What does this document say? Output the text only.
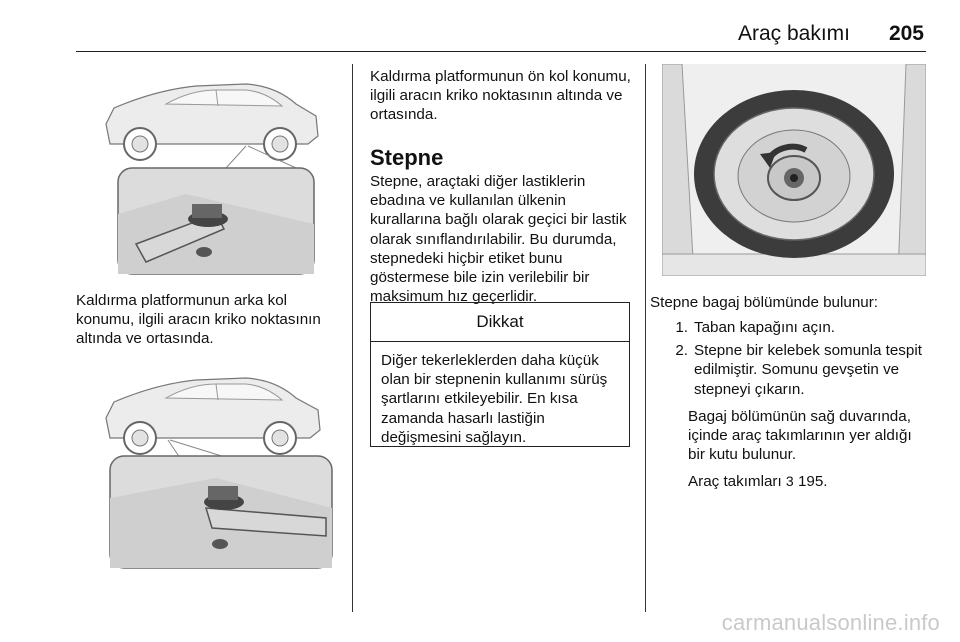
Araç bakımı 205
Kaldırma platformunun arka kol konumu, ilgili aracın kriko noktasının altında ve ortasında.
Kaldırma platformunun ön kol konumu, ilgili aracın kriko noktasının altında ve ortasında.
Stepne
Stepne, araçtaki diğer lastiklerin ebadına ve kullanılan ülkenin kurallarına bağlı olarak geçici bir lastik olarak sınıflandırılabilir. Bu durumda, stepnedeki hiçbir etiket bunu göstermese bile izin verilebilir bir maksimum hız geçerlidir.
Dikkat
Diğer tekerleklerden daha küçük olan bir stepnenin kullanımı sürüş şartlarını etkileyebilir. En kısa zamanda hasarlı lastiğin değişmesini sağlayın.
Stepne bagaj bölümünde bulunur:
1. Taban kapağını açın.
2. Stepne bir kelebek somunla tespit edilmiştir. Somunu gevşetin ve stepneyi çıkarın.
Bagaj bölümünün sağ duvarında, içinde araç takımlarının yer aldığı bir kutu bulunur.
Araç takımları 3 195.
carmanualsonline.info
